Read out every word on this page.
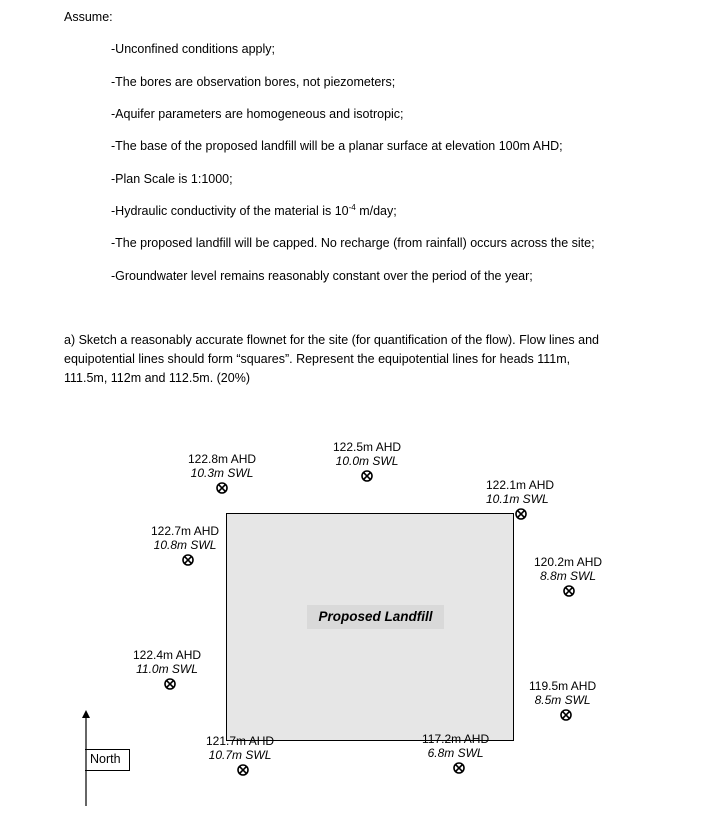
Assume:
-Unconfined conditions apply;
-The bores are observation bores, not piezometers;
-Aquifer parameters are homogeneous and isotropic;
-The base of the proposed landfill will be a planar surface at elevation 100m AHD;
-Plan Scale is 1:1000;
-Hydraulic conductivity of the material is $10^{-4}$ m/day;
-The proposed landfill will be capped. No recharge (from rainfall) occurs across the site;
-Groundwater level remains reasonably constant over the period of the year;
a) Sketch a reasonably accurate flownet for the site (for quantification of the flow). Flow lines and
equipotential lines should form “squares”. Represent the equipotential lines for heads 111m,
111.5m, 112m and 112.5m. (20%)
Proposed Landfill
122.8m AHD
10.3m SWL
122.5m AHD
10.0m SWL
122.1m AHD
10.1m SWL
122.7m AHD
10.8m SWL
120.2m AHD
8.8m SWL
122.4m AHD
11.0m SWL
119.5m AHD
8.5m SWL
121.7m AHD
10.7m SWL
117.2m AHD
6.8m SWL
North
